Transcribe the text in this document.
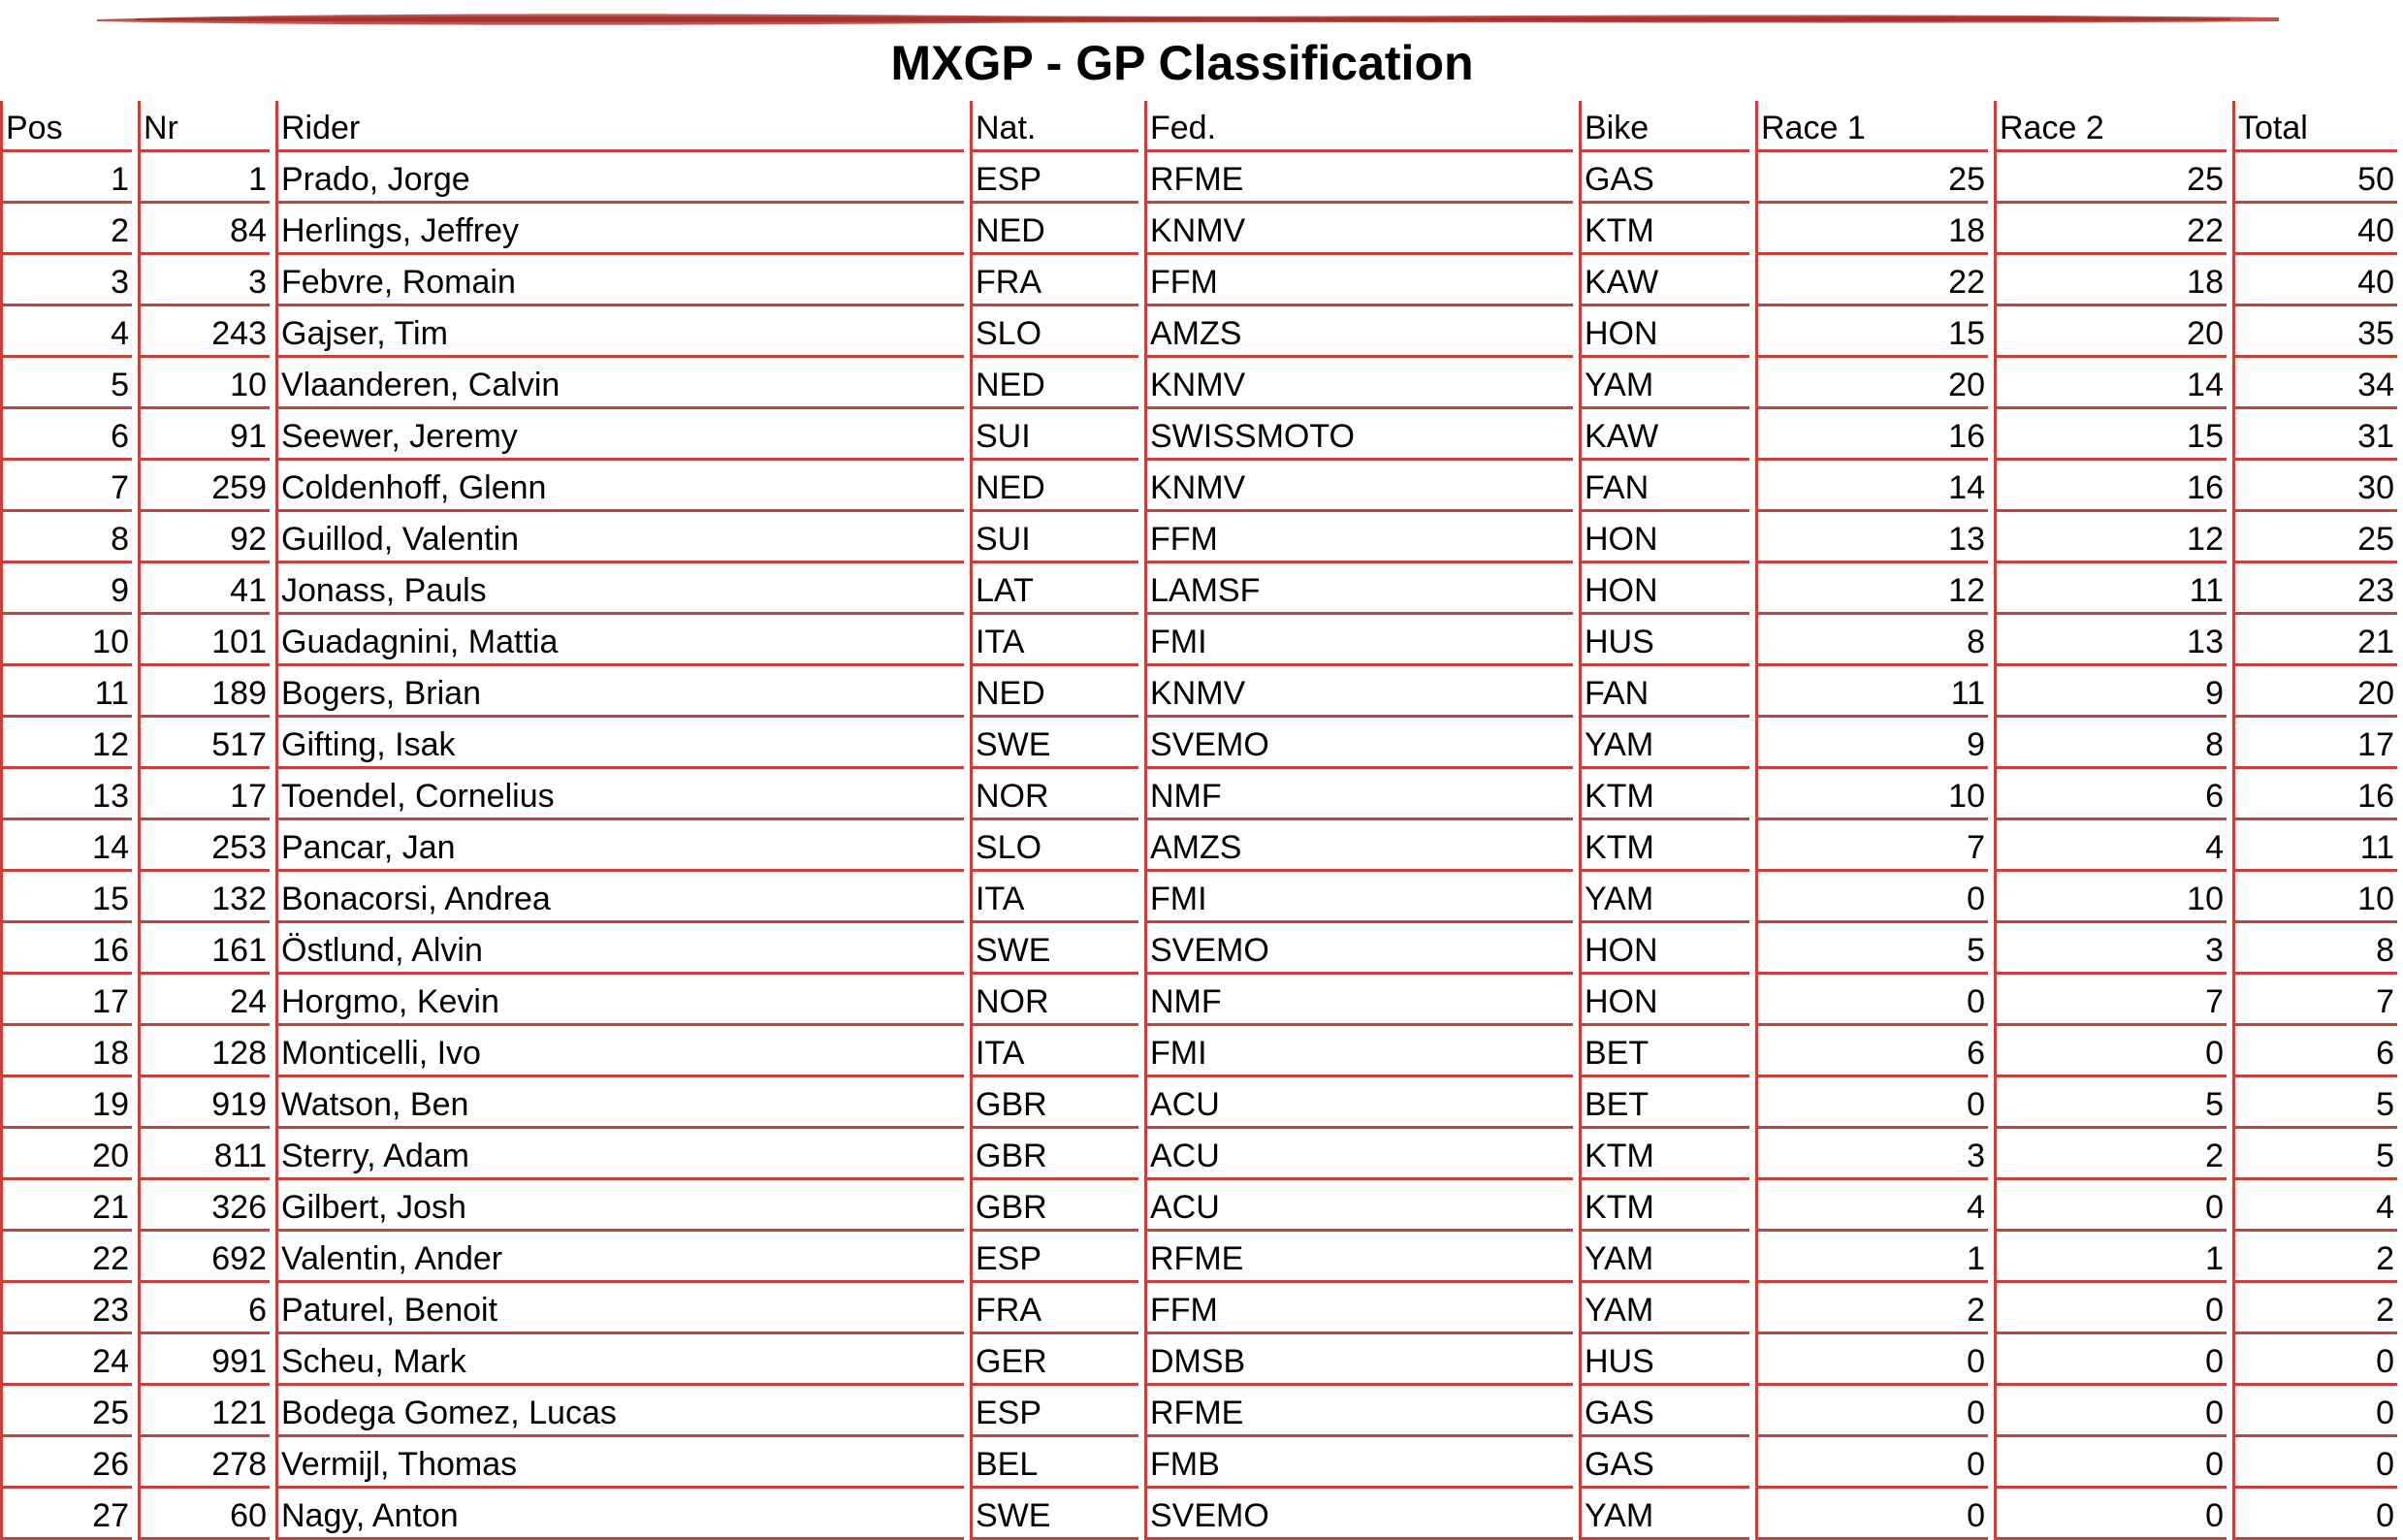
MXGP - GP Classification
Pos	Nr	Rider	Nat.	Fed.	Bike	Race 1	Race 2	Total
1	1	Prado, Jorge	ESP	RFME	GAS	25	25	50
2	84	Herlings, Jeffrey	NED	KNMV	KTM	18	22	40
3	3	Febvre, Romain	FRA	FFM	KAW	22	18	40
4	243	Gajser, Tim	SLO	AMZS	HON	15	20	35
5	10	Vlaanderen, Calvin	NED	KNMV	YAM	20	14	34
6	91	Seewer, Jeremy	SUI	SWISSMOTO	KAW	16	15	31
7	259	Coldenhoff, Glenn	NED	KNMV	FAN	14	16	30
8	92	Guillod, Valentin	SUI	FFM	HON	13	12	25
9	41	Jonass, Pauls	LAT	LAMSF	HON	12	11	23
10	101	Guadagnini, Mattia	ITA	FMI	HUS	8	13	21
11	189	Bogers, Brian	NED	KNMV	FAN	11	9	20
12	517	Gifting, Isak	SWE	SVEMO	YAM	9	8	17
13	17	Toendel, Cornelius	NOR	NMF	KTM	10	6	16
14	253	Pancar, Jan	SLO	AMZS	KTM	7	4	11
15	132	Bonacorsi, Andrea	ITA	FMI	YAM	0	10	10
16	161	Östlund, Alvin	SWE	SVEMO	HON	5	3	8
17	24	Horgmo, Kevin	NOR	NMF	HON	0	7	7
18	128	Monticelli, Ivo	ITA	FMI	BET	6	0	6
19	919	Watson, Ben	GBR	ACU	BET	0	5	5
20	811	Sterry, Adam	GBR	ACU	KTM	3	2	5
21	326	Gilbert, Josh	GBR	ACU	KTM	4	0	4
22	692	Valentin, Ander	ESP	RFME	YAM	1	1	2
23	6	Paturel, Benoit	FRA	FFM	YAM	2	0	2
24	991	Scheu, Mark	GER	DMSB	HUS	0	0	0
25	121	Bodega Gomez, Lucas	ESP	RFME	GAS	0	0	0
26	278	Vermijl, Thomas	BEL	FMB	GAS	0	0	0
27	60	Nagy, Anton	SWE	SVEMO	YAM	0	0	0
